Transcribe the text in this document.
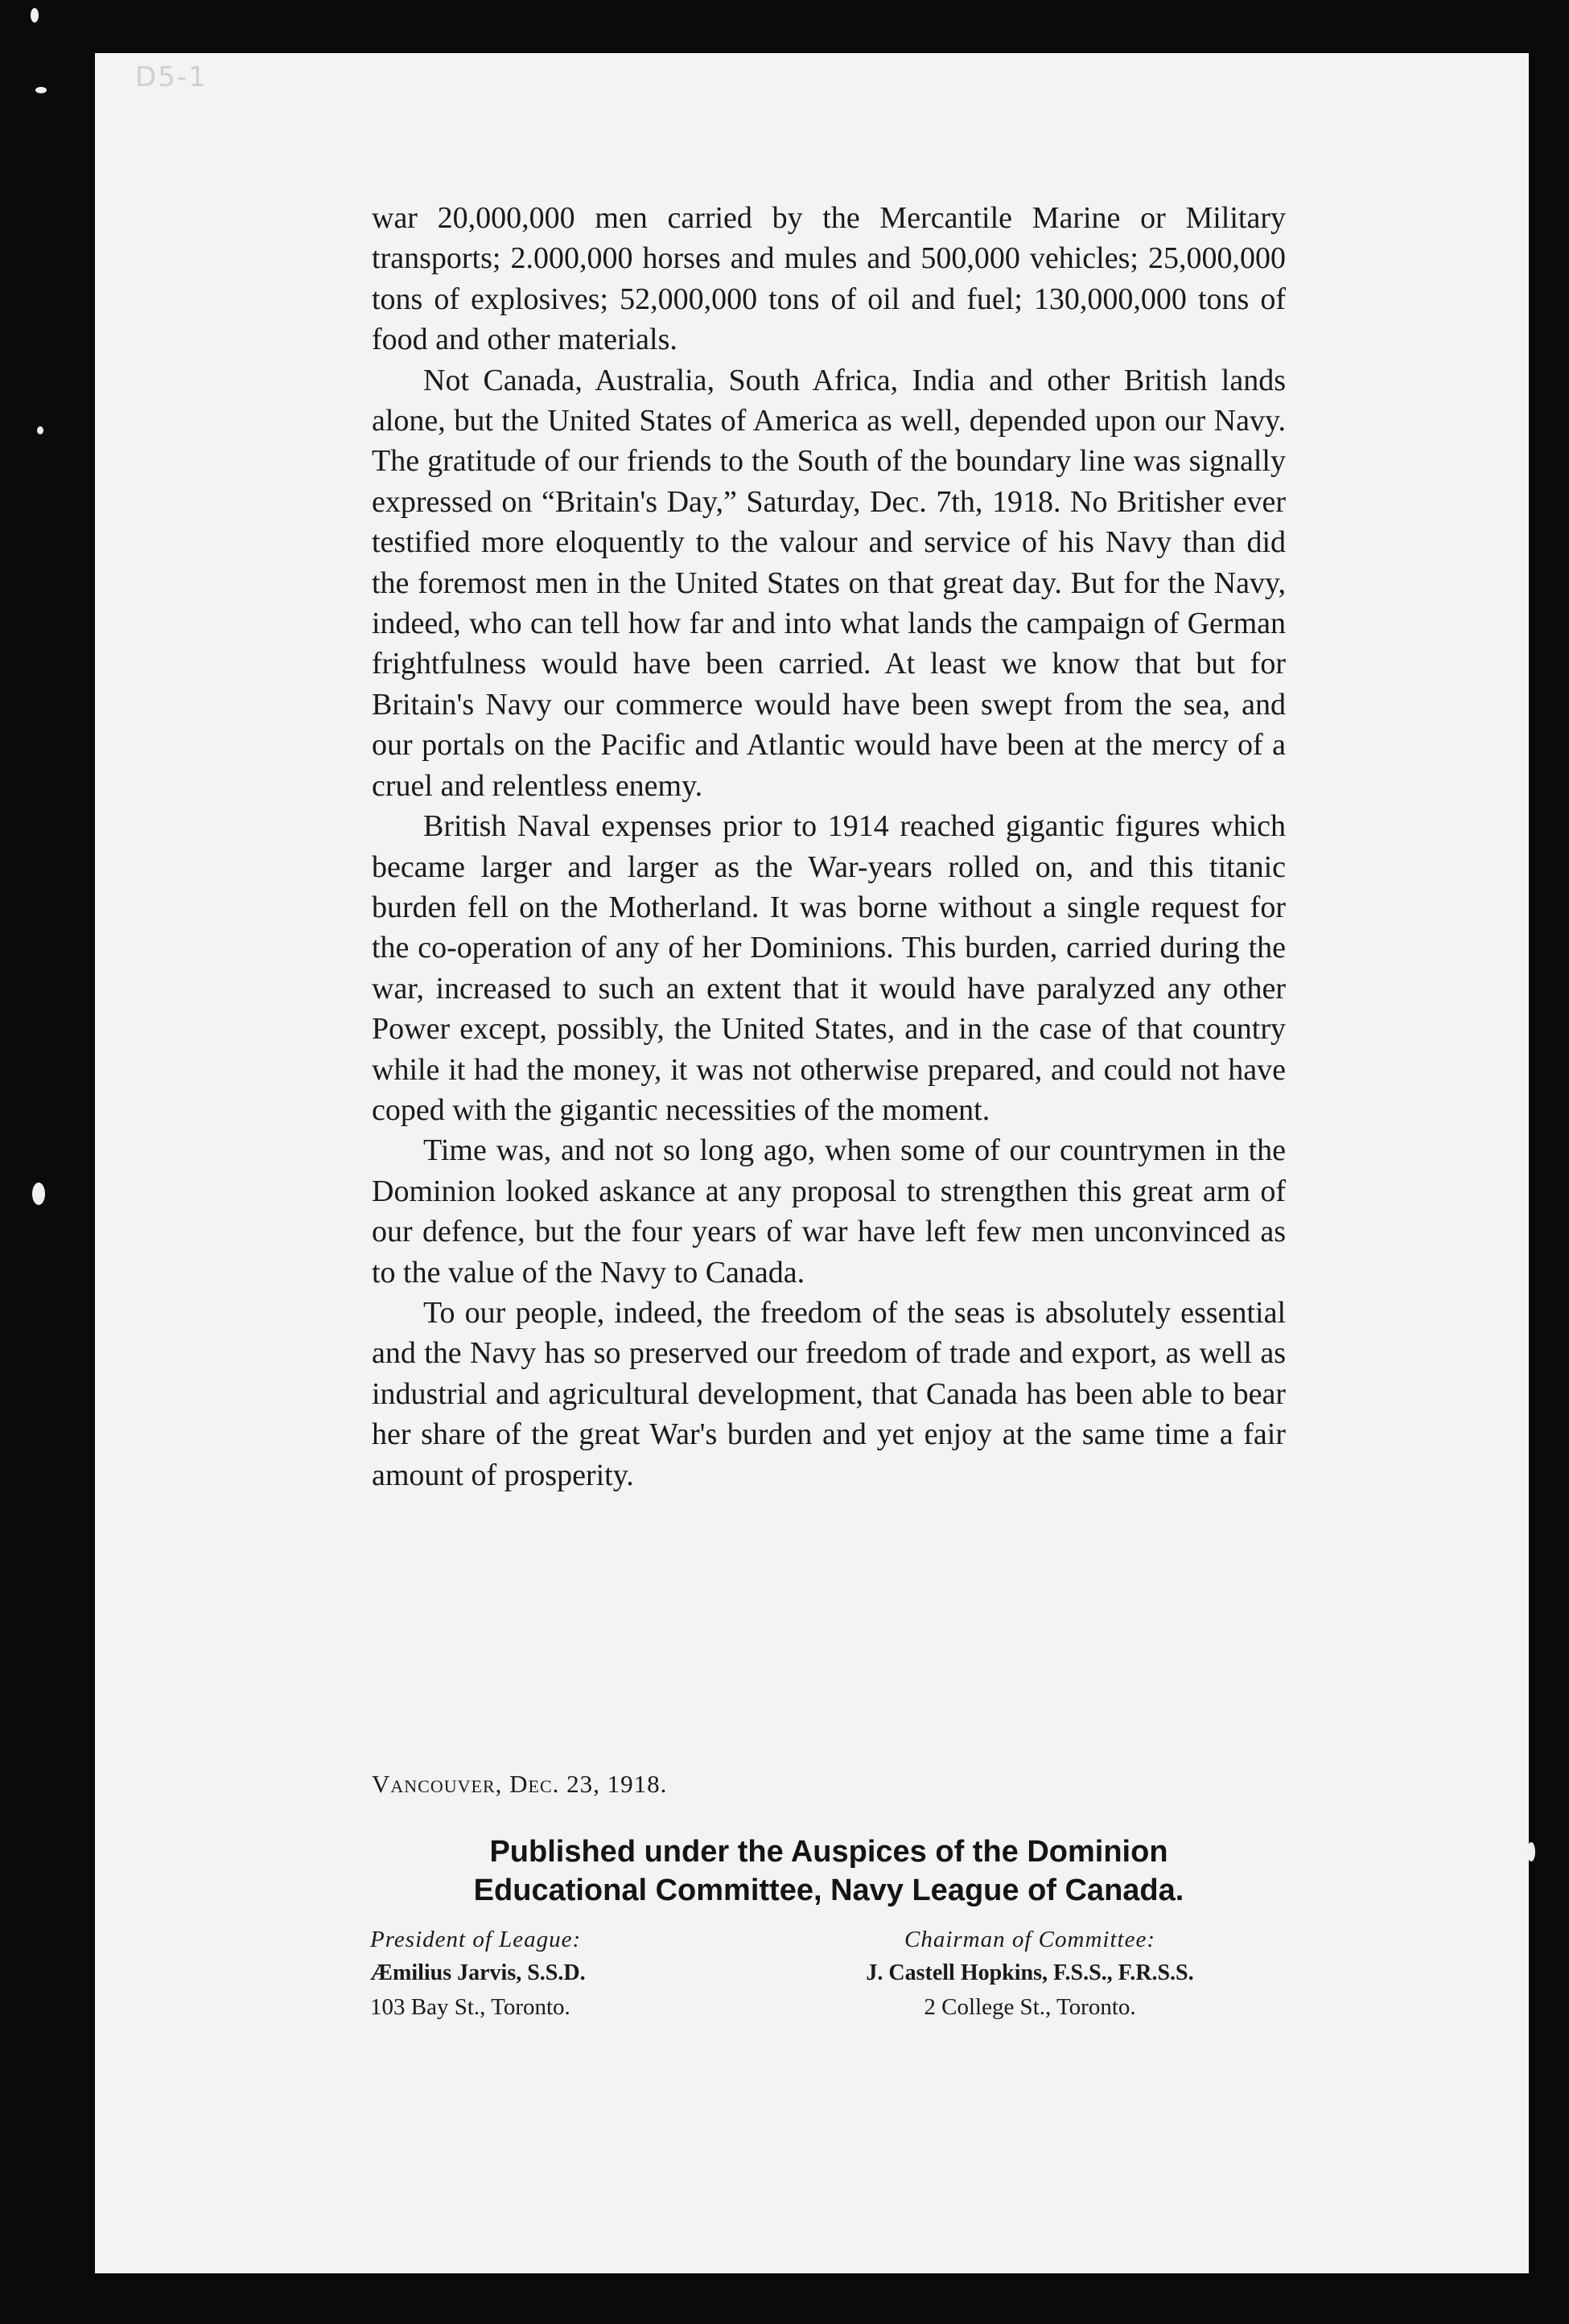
D5-1

war 20,000,000 men carried by the Mercantile Marine or Military transports; 2.000,000 horses and mules and 500,000 vehicles; 25,000,000 tons of explosives; 52,000,000 tons of oil and fuel; 130,000,000 tons of food and other materials.

Not Canada, Australia, South Africa, India and other British lands alone, but the United States of America as well, depended upon our Navy. The gratitude of our friends to the South of the boundary line was signally expressed on “Britain's Day,” Saturday, Dec. 7th, 1918. No Britisher ever testified more eloquently to the valour and service of his Navy than did the foremost men in the United States on that great day. But for the Navy, indeed, who can tell how far and into what lands the campaign of German frightfulness would have been carried. At least we know that but for Britain's Navy our commerce would have been swept from the sea, and our portals on the Pacific and Atlantic would have been at the mercy of a cruel and relentless enemy.

British Naval expenses prior to 1914 reached gigantic figures which became larger and larger as the War-years rolled on, and this titanic burden fell on the Motherland. It was borne without a single request for the co-operation of any of her Dominions. This burden, carried during the war, increased to such an extent that it would have paralyzed any other Power except, possibly, the United States, and in the case of that country while it had the money, it was not otherwise prepared, and could not have coped with the gigantic necessities of the moment.

Time was, and not so long ago, when some of our countrymen in the Dominion looked askance at any proposal to strengthen this great arm of our defence, but the four years of war have left few men unconvinced as to the value of the Navy to Canada.

To our people, indeed, the freedom of the seas is absolutely essential and the Navy has so preserved our freedom of trade and export, as well as industrial and agricultural development, that Canada has been able to bear her share of the great War's burden and yet enjoy at the same time a fair amount of prosperity.

Vancouver, Dec. 23, 1918.
Published under the Auspices of the Dominion
Educational Committee, Navy League of Canada.
President of League:
Æmilius Jarvis, S.S.D.
103 Bay St., Toronto.
Chairman of Committee:
J. Castell Hopkins, F.S.S., F.R.S.S.
2 College St., Toronto.
